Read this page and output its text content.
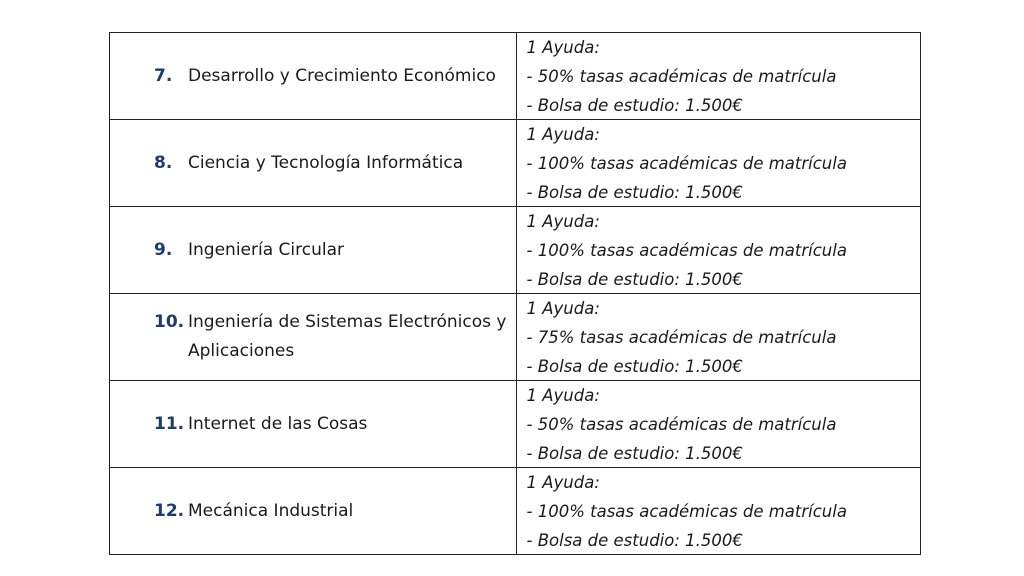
7. Desarrollo y Crecimiento Económico	1 Ayuda:
- 50% tasas académicas de matrícula
- Bolsa de estudio: 1.500€

8. Ciencia y Tecnología Informática	1 Ayuda:
- 100% tasas académicas de matrícula
- Bolsa de estudio: 1.500€

9. Ingeniería Circular	1 Ayuda:
- 100% tasas académicas de matrícula
- Bolsa de estudio: 1.500€

10. Ingeniería de Sistemas Electrónicos y Aplicaciones	1 Ayuda:
- 75% tasas académicas de matrícula
- Bolsa de estudio: 1.500€

11. Internet de las Cosas	1 Ayuda:
- 50% tasas académicas de matrícula
- Bolsa de estudio: 1.500€

12. Mecánica Industrial	1 Ayuda:
- 100% tasas académicas de matrícula
- Bolsa de estudio: 1.500€
